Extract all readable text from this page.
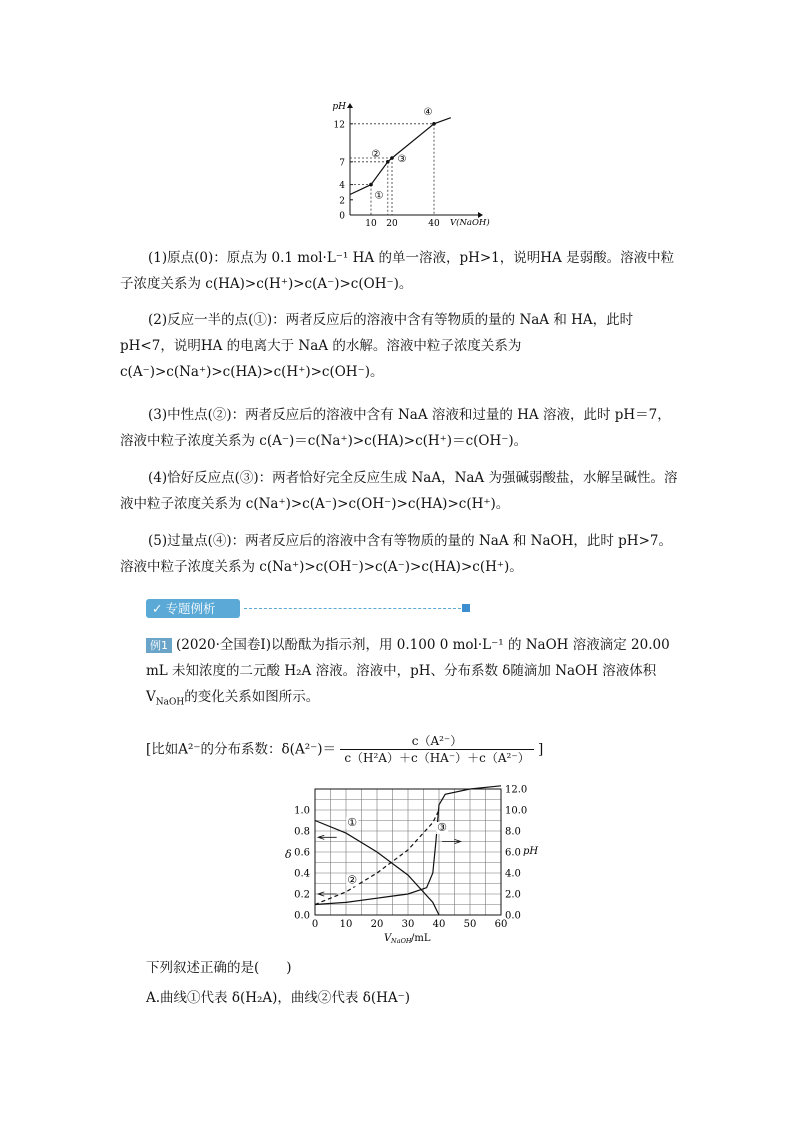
pH
V(NaOH)
0
2
4
7
12
10 20	40
①
② ③
④
(1)原点(0)：原点为 0.1 mol·L⁻¹ HA 的单一溶液，pH>1，说明HA 是弱酸。溶液中粒子浓度关系为 c(HA)>c(H⁺)>c(A⁻)>c(OH⁻)。
(2)反应一半的点(①)：两者反应后的溶液中含有等物质的量的 NaA 和 HA，此时 pH<7，说明HA 的电离大于 NaA 的水解。溶液中粒子浓度关系为 c(A⁻)>c(Na⁺)>c(HA)>c(H⁺)>c(OH⁻)。
(3)中性点(②)：两者反应后的溶液中含有 NaA 溶液和过量的 HA 溶液，此时 pH＝7，溶液中粒子浓度关系为 c(A⁻)＝c(Na⁺)>c(HA)>c(H⁺)＝c(OH⁻)。
(4)恰好反应点(③)：两者恰好完全反应生成 NaA，NaA 为强碱弱酸盐，水解呈碱性。溶液中粒子浓度关系为 c(Na⁺)>c(A⁻)>c(OH⁻)>c(HA)>c(H⁺)。
(5)过量点(④)：两者反应后的溶液中含有等物质的量的 NaA 和 NaOH，此时 pH>7。溶液中粒子浓度关系为 c(Na⁺)>c(OH⁻)>c(A⁻)>c(HA)>c(H⁺)。
✓ 专题例析
例1 (2020·全国卷Ⅰ)以酚酞为指示剂，用 0.100 0 mol·L⁻¹ 的 NaOH 溶液滴定 20.00 mL 未知浓度的二元酸 H₂A 溶液。溶液中，pH、分布系数 δ随滴加 NaOH 溶液体积 $V_{NaOH}$的变化关系如图所示。
[比如A²⁻的分布系数：$\delta(A^{2-})= \frac{\text{c（A²⁻）}}{\text{c（H²A）＋c（HA⁻）＋c（A²⁻）}}$ ]
0.0
0.2
0.4
0.6
0.8
1.0
0.0
2.0
4.0
6.0
8.0
10.0
12.0
0 10 20 30 40 50 60
δ	pH
V NaOH /mL
①
②
③
下列叙述正确的是(　　)
A.曲线①代表 δ(H₂A)，曲线②代表 δ(HA⁻)
